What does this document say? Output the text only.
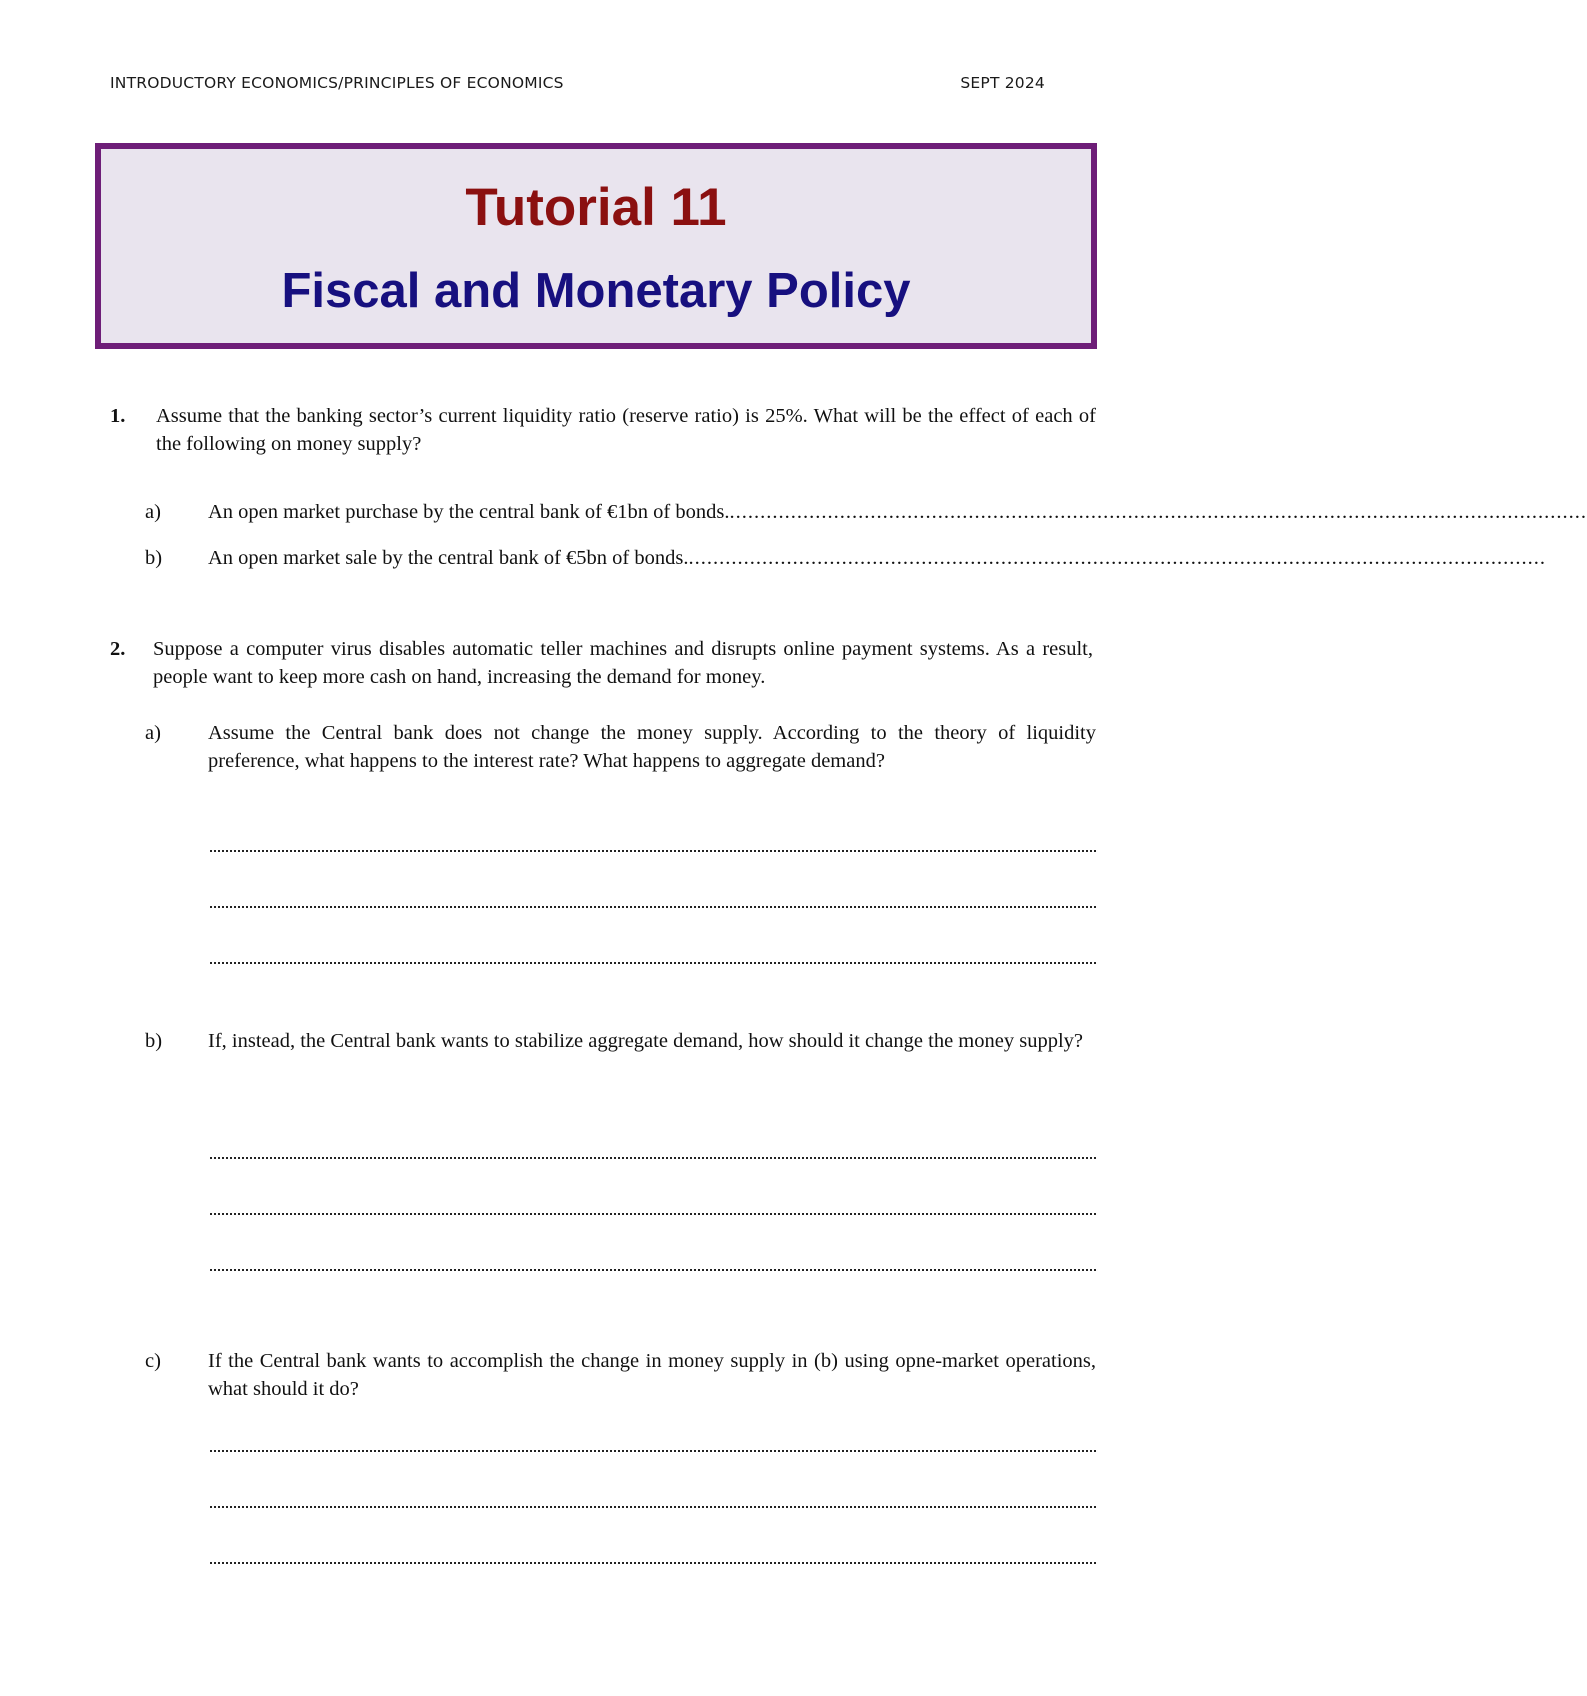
INTRODUCTORY ECONOMICS/PRINCIPLES OF ECONOMICS	SEPT 2024
Tutorial 11
Fiscal and Monetary Policy
1. Assume that the banking sector’s current liquidity ratio (reserve ratio) is 25%. What will be the effect of each of the following on money supply?
a) An open market purchase by the central bank of €1bn of bonds. ............................................................................................................................................
b) An open market sale by the central bank of €5bn of bonds. ............................................................................................................................................
2. Suppose a computer virus disables automatic teller machines and disrupts online payment systems. As a result, people want to keep more cash on hand, increasing the demand for money.
a) Assume the Central bank does not change the money supply. According to the theory of liquidity preference, what happens to the interest rate? What happens to aggregate demand?
b) If, instead, the Central bank wants to stabilize aggregate demand, how should it change the money supply?
c) If the Central bank wants to accomplish the change in money supply in (b) using opne-market operations, what should it do?
